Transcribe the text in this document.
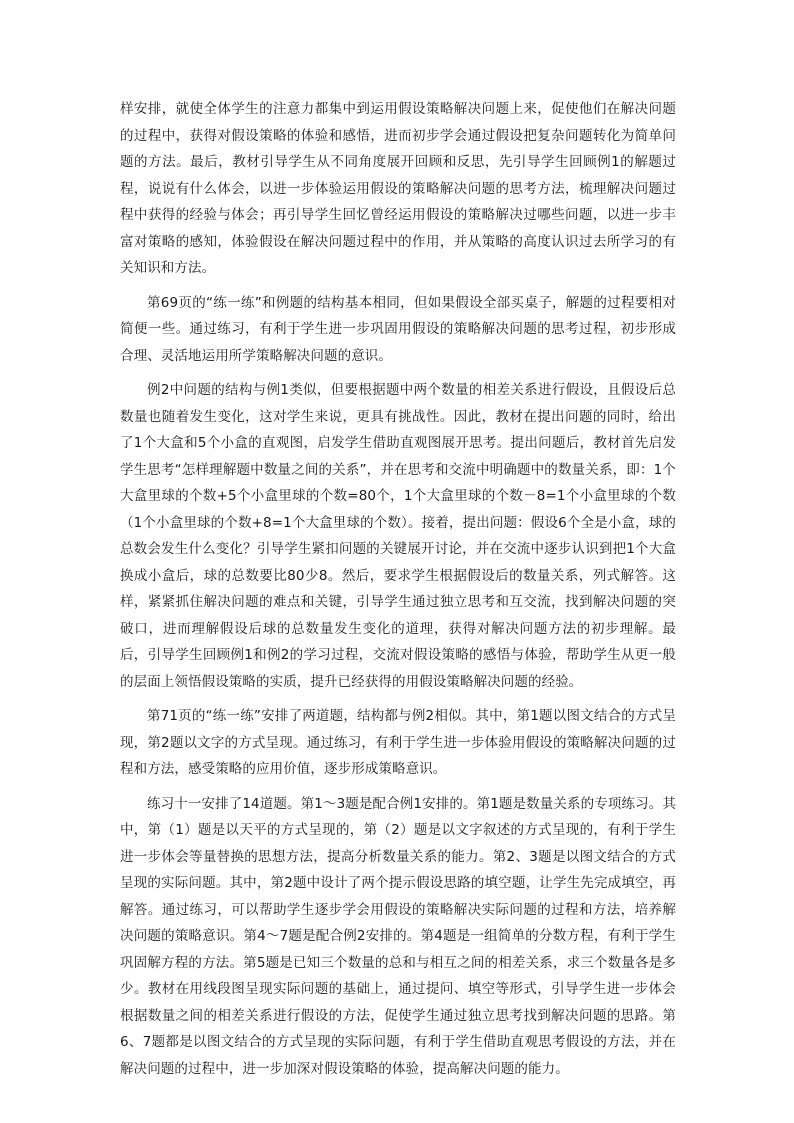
样安排，就使全体学生的注意力都集中到运用假设策略解决问题上来，促使他们在解决问题的过程中，获得对假设策略的体验和感悟，进而初步学会通过假设把复杂问题转化为简单问题的方法。最后，教材引导学生从不同角度展开回顾和反思，先引导学生回顾例1的解题过程，说说有什么体会，以进一步体验运用假设的策略解决问题的思考方法，梳理解决问题过程中获得的经验与体会；再引导学生回忆曾经运用假设的策略解决过哪些问题，以进一步丰富对策略的感知，体验假设在解决问题过程中的作用，并从策略的高度认识过去所学习的有关知识和方法。

第69页的“练一练”和例题的结构基本相同，但如果假设全部买桌子，解题的过程要相对简便一些。通过练习，有利于学生进一步巩固用假设的策略解决问题的思考过程，初步形成合理、灵活地运用所学策略解决问题的意识。

例2中问题的结构与例1类似，但要根据题中两个数量的相差关系进行假设，且假设后总数量也随着发生变化，这对学生来说，更具有挑战性。因此，教材在提出问题的同时，给出了1个大盒和5个小盒的直观图，启发学生借助直观图展开思考。提出问题后，教材首先启发学生思考“怎样理解题中数量之间的关系”，并在思考和交流中明确题中的数量关系，即：1个大盒里球的个数+5个小盒里球的个数=80个，1个大盒里球的个数－8=1个小盒里球的个数（1个小盒里球的个数+8=1个大盒里球的个数）。接着，提出问题：假设6个全是小盒，球的总数会发生什么变化？引导学生紧扣问题的关键展开讨论，并在交流中逐步认识到把1个大盒换成小盒后，球的总数要比80少8。然后，要求学生根据假设后的数量关系，列式解答。这样，紧紧抓住解决问题的难点和关键，引导学生通过独立思考和互交流，找到解决问题的突破口，进而理解假设后球的总数量发生变化的道理，获得对解决问题方法的初步理解。最后，引导学生回顾例1和例2的学习过程，交流对假设策略的感悟与体验，帮助学生从更一般的层面上领悟假设策略的实质，提升已经获得的用假设策略解决问题的经验。

第71页的“练一练”安排了两道题，结构都与例2相似。其中，第1题以图文结合的方式呈现，第2题以文字的方式呈现。通过练习，有利于学生进一步体验用假设的策略解决问题的过程和方法，感受策略的应用价值，逐步形成策略意识。

练习十一安排了14道题。第1～3题是配合例1安排的。第1题是数量关系的专项练习。其中，第（1）题是以天平的方式呈现的，第（2）题是以文字叙述的方式呈现的，有利于学生进一步体会等量替换的思想方法，提高分析数量关系的能力。第2、3题是以图文结合的方式呈现的实际问题。其中，第2题中设计了两个提示假设思路的填空题，让学生先完成填空，再解答。通过练习，可以帮助学生逐步学会用假设的策略解决实际问题的过程和方法，培养解决问题的策略意识。第4～7题是配合例2安排的。第4题是一组简单的分数方程，有利于学生巩固解方程的方法。第5题是已知三个数量的总和与相互之间的相差关系，求三个数量各是多少。教材在用线段图呈现实际问题的基础上，通过提问、填空等形式，引导学生进一步体会根据数量之间的相差关系进行假设的方法，促使学生通过独立思考找到解决问题的思路。第6、7题都是以图文结合的方式呈现的实际问题，有利于学生借助直观思考假设的方法，并在解决问题的过程中，进一步加深对假设策略的体验，提高解决问题的能力。
